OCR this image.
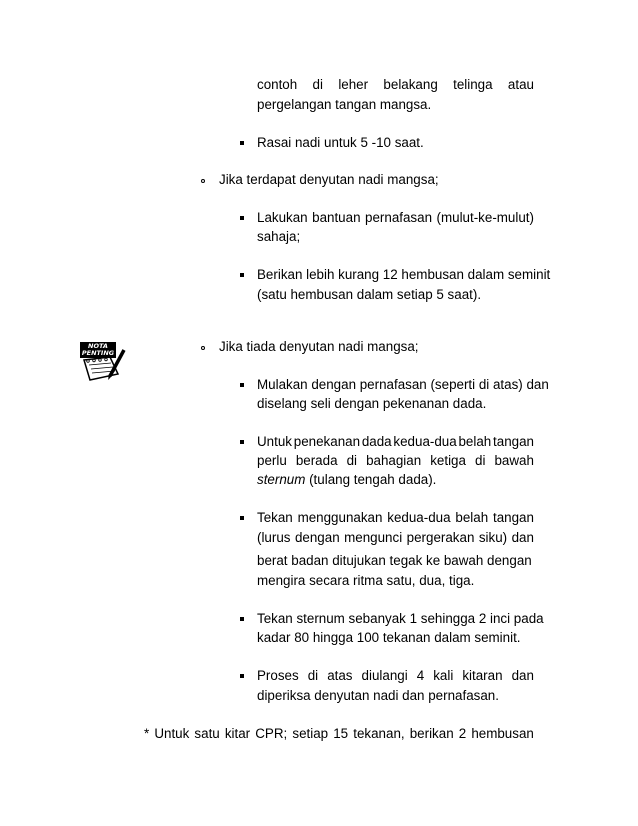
contoh di leher belakang telinga atau
pergelangan tangan mangsa.
Rasai nadi untuk 5 -10 saat.
Jika terdapat denyutan nadi mangsa;
Lakukan bantuan pernafasan (mulut-ke-mulut)
sahaja;
Berikan lebih kurang 12 hembusan dalam seminit
(satu hembusan dalam setiap 5 saat).
NOTA
PENTING	Jika tiada denyutan nadi mangsa;
Mulakan dengan pernafasan (seperti di atas) dan
diselang seli dengan pekenanan dada.
Untuk penekanan dada kedua-dua belah tangan
perlu berada di bahagian ketiga di bawah
sternum (tulang tengah dada).
Tekan menggunakan kedua-dua belah tangan
(lurus dengan mengunci pergerakan siku) dan
berat badan ditujukan tegak ke bawah dengan
mengira secara ritma satu, dua, tiga.
Tekan sternum sebanyak 1 sehingga 2 inci pada
kadar 80 hingga 100 tekanan dalam seminit.
Proses di atas diulangi 4 kali kitaran dan
diperiksa denyutan nadi dan pernafasan.
* Untuk satu kitar CPR; setiap 15 tekanan, berikan 2 hembusan
